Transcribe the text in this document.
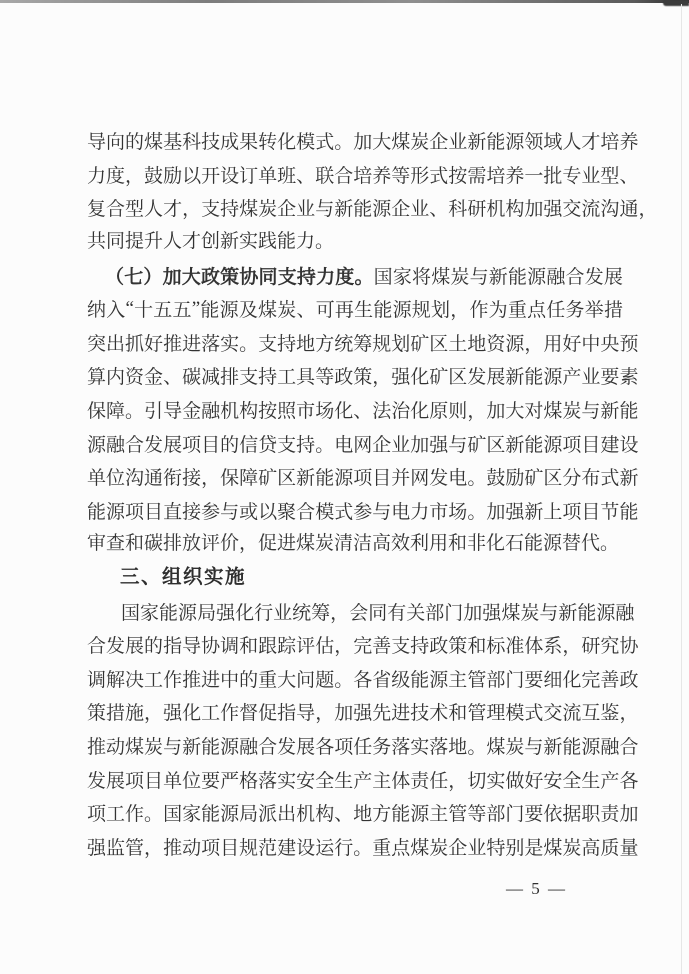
导 向 的 煤 基 科 技 成 果 转 化 模 式 。 加 大 煤 炭 企 业 新 能 源 领 域 人 才 培 养
力 度 ， 鼓 励 以 开 设 订 单 班 、 联 合 培 养 等 形 式 按 需 培 养 一 批 专 业 型 、
复 合 型 人 才 ， 支 持 煤 炭 企 业 与 新 能 源 企 业 、 科 研 机 构 加 强 交 流 沟 通 ，
共同提升人才创新实践能力。
（ 七 ） 加 大 政 策 协 同 支 持 力 度 。 国 家 将 煤 炭 与 新 能 源 融 合 发 展
纳 入 “ 十 五 五 ” 能 源 及 煤 炭 、 可 再 生 能 源 规 划 ， 作 为 重 点 任 务 举 措
突 出 抓 好 推 进 落 实 。 支 持 地 方 统 筹 规 划 矿 区 土 地 资 源 ， 用 好 中 央 预
算 内 资 金 、 碳 减 排 支 持 工 具 等 政 策 ， 强 化 矿 区 发 展 新 能 源 产 业 要 素
保 障 。 引 导 金 融 机 构 按 照 市 场 化 、 法 治 化 原 则 ， 加 大 对 煤 炭 与 新 能
源 融 合 发 展 项 目 的 信 贷 支 持 。 电 网 企 业 加 强 与 矿 区 新 能 源 项 目 建 设
单 位 沟 通 衔 接 ， 保 障 矿 区 新 能 源 项 目 并 网 发 电 。 鼓 励 矿 区 分 布 式 新
能 源 项 目 直 接 参 与 或 以 聚 合 模 式 参 与 电 力 市 场 。 加 强 新 上 项 目 节 能
审查和碳排放评价，促进煤炭清洁高效利用和非化石能源替代。
三、组织实施
国 家 能 源 局 强 化 行 业 统 筹 ， 会 同 有 关 部 门 加 强 煤 炭 与 新 能 源 融
合 发 展 的 指 导 协 调 和 跟 踪 评 估 ， 完 善 支 持 政 策 和 标 准 体 系 ， 研 究 协
调 解 决 工 作 推 进 中 的 重 大 问 题 。 各 省 级 能 源 主 管 部 门 要 细 化 完 善 政
策 措 施 ， 强 化 工 作 督 促 指 导 ， 加 强 先 进 技 术 和 管 理 模 式 交 流 互 鉴 ，
推 动 煤 炭 与 新 能 源 融 合 发 展 各 项 任 务 落 实 落 地 。 煤 炭 与 新 能 源 融 合
发 展 项 目 单 位 要 严 格 落 实 安 全 生 产 主 体 责 任 ， 切 实 做 好 安 全 生 产 各
项 工 作 。 国 家 能 源 局 派 出 机 构 、 地 方 能 源 主 管 等 部 门 要 依 据 职 责 加
强 监 管 ， 推 动 项 目 规 范 建 设 运 行 。 重 点 煤 炭 企 业 特 别 是 煤 炭 高 质 量
— 5 —
